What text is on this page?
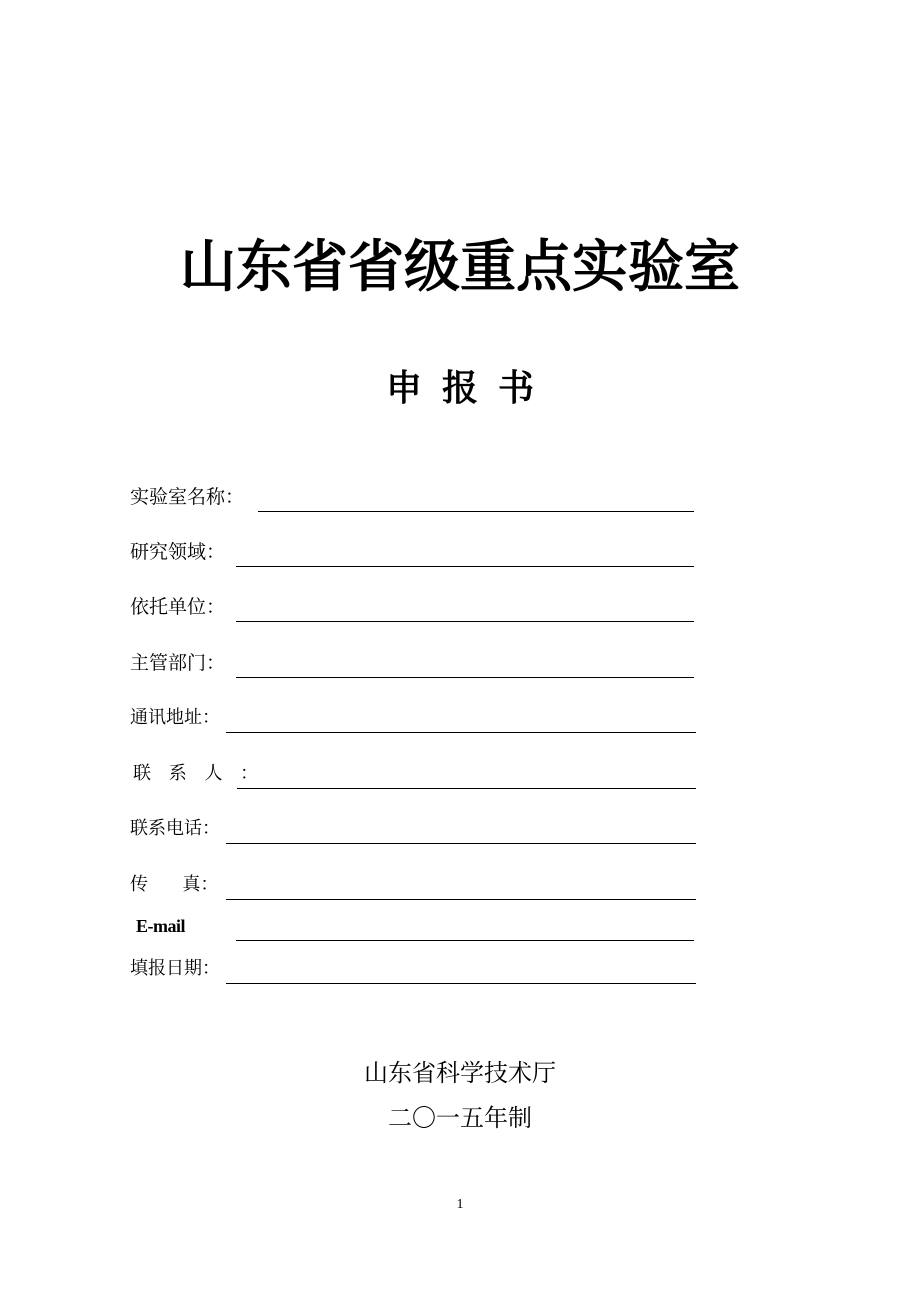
山东省省级重点实验室
申 报 书
实验室名称：
研究领域：
依托单位：
主管部门：
通讯地址：
联 系 人 ：
联系电话：
传      真：
E-mail
填报日期：
山东省科学技术厅
二〇一五年制
1
